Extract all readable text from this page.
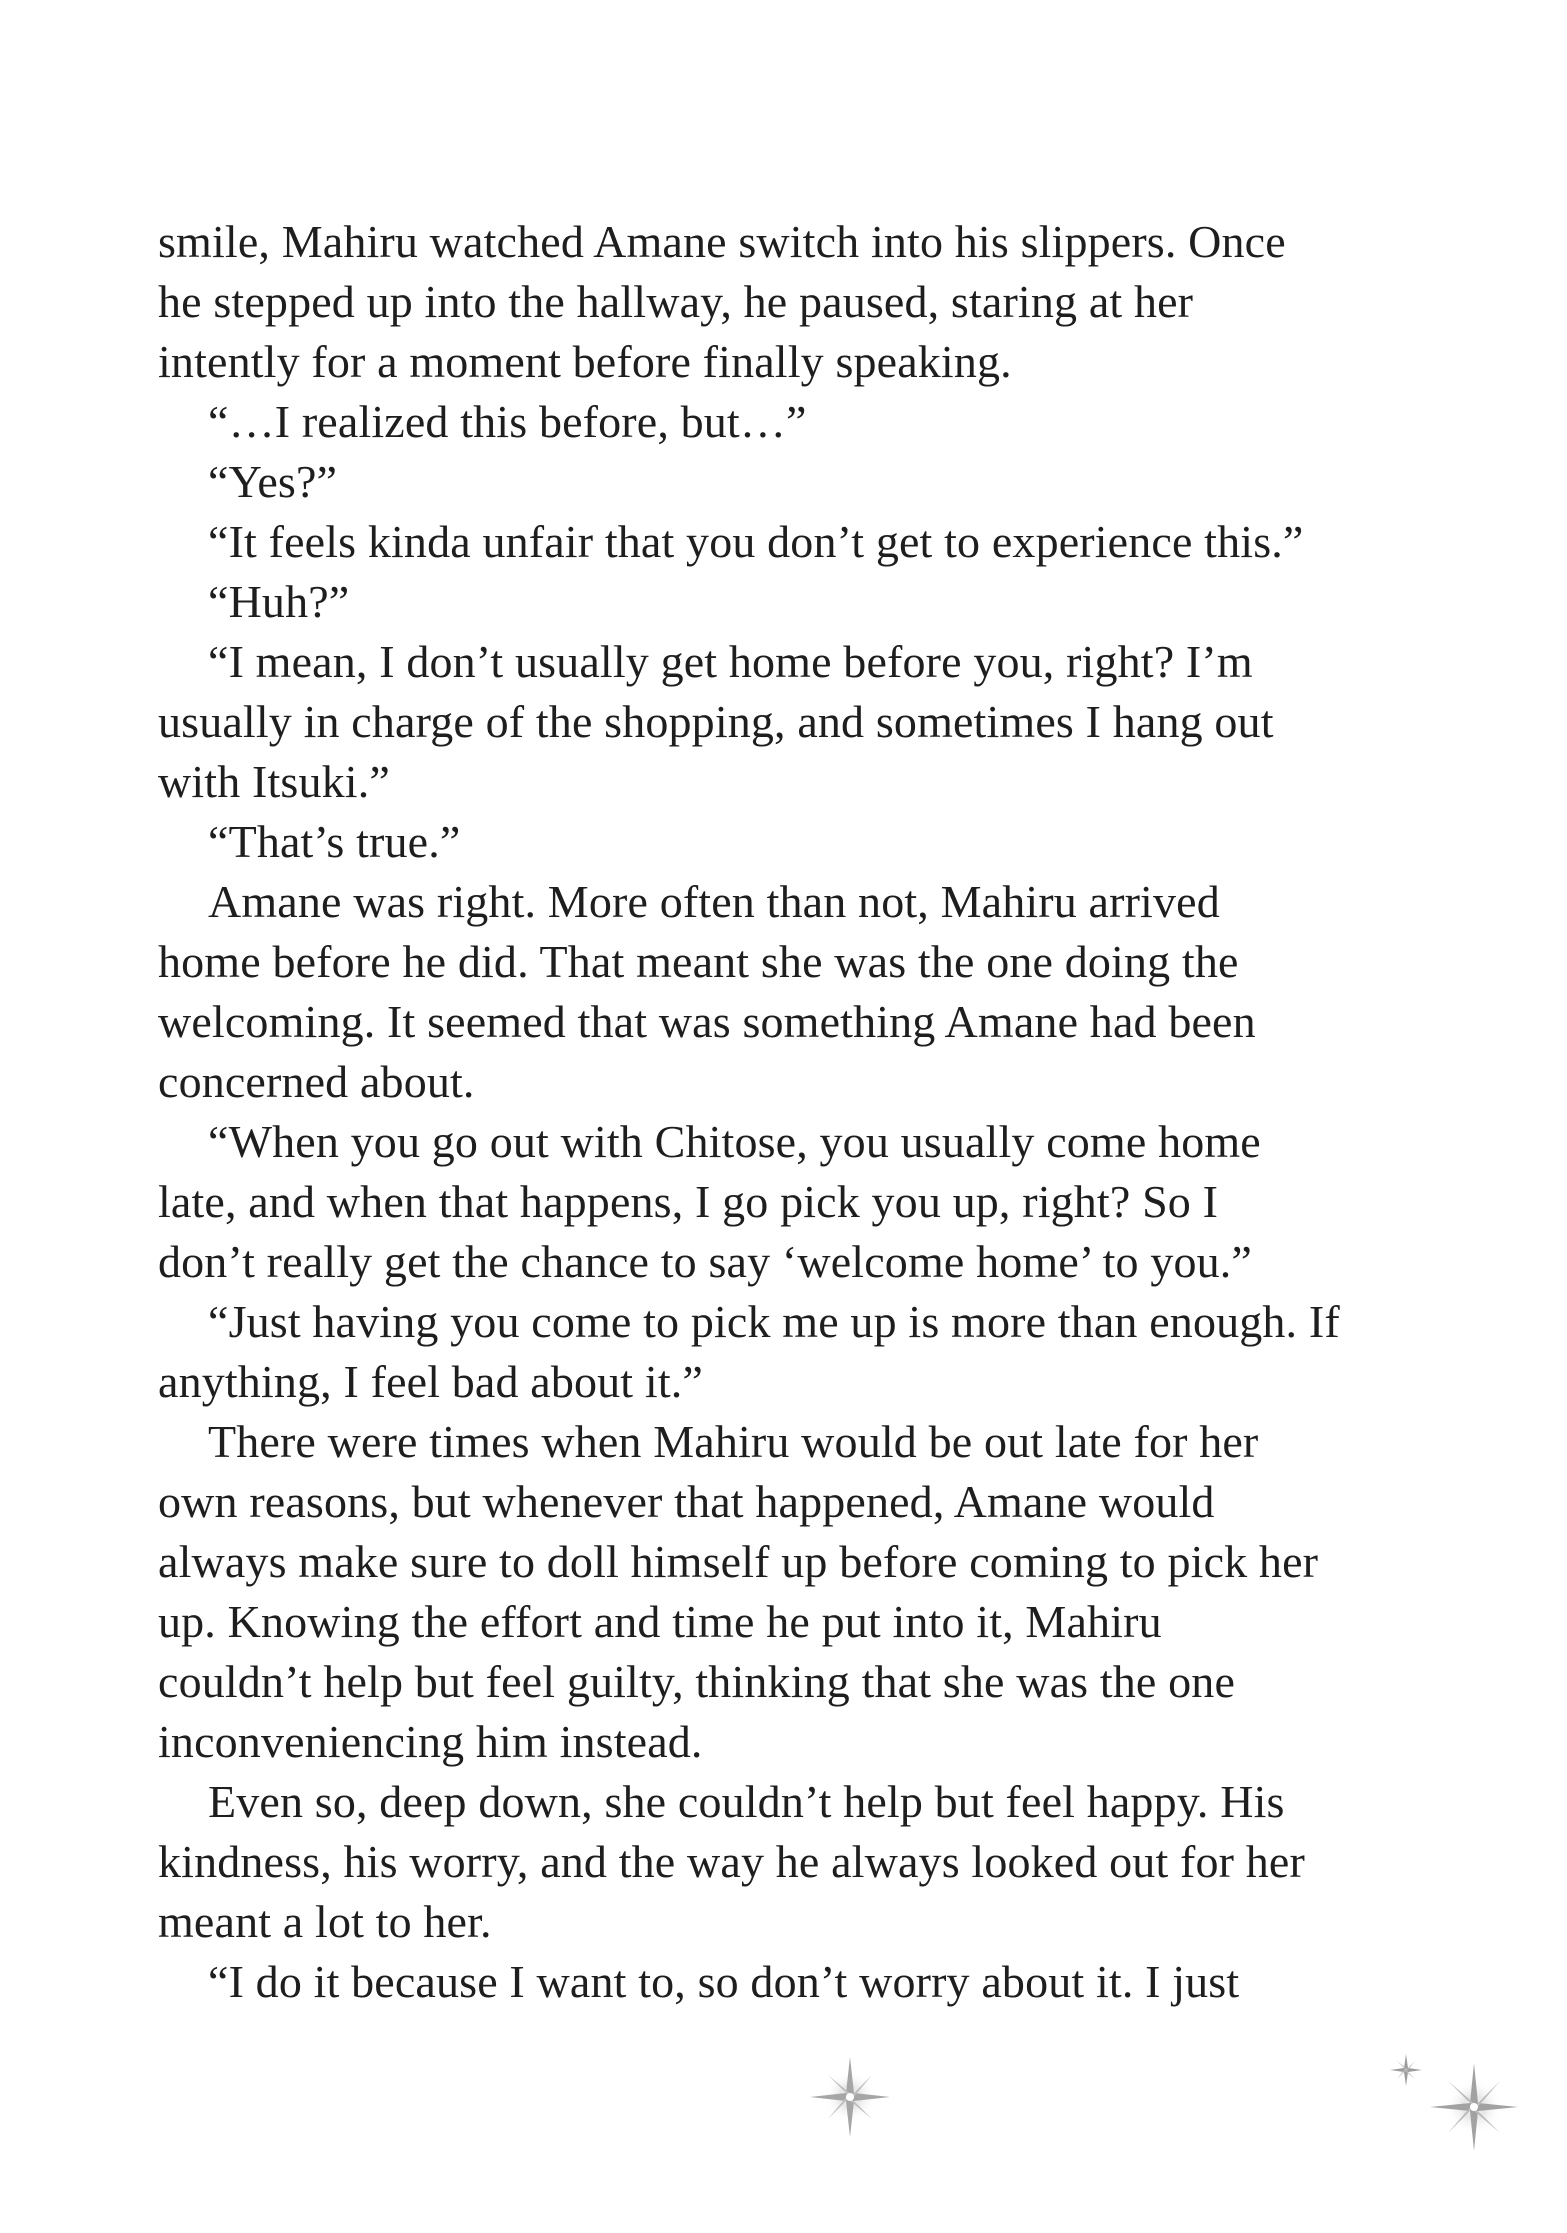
smile, Mahiru watched Amane switch into his slippers. Once
he stepped up into the hallway, he paused, staring at her
intently for a moment before finally speaking.
“…I realized this before, but…”
“Yes?”
“It feels kinda unfair that you don’t get to experience this.”
“Huh?”
“I mean, I don’t usually get home before you, right? I’m
usually in charge of the shopping, and sometimes I hang out
with Itsuki.”
“That’s true.”
Amane was right. More often than not, Mahiru arrived
home before he did. That meant she was the one doing the
welcoming. It seemed that was something Amane had been
concerned about.
“When you go out with Chitose, you usually come home
late, and when that happens, I go pick you up, right? So I
don’t really get the chance to say ‘welcome home’ to you.”
“Just having you come to pick me up is more than enough. If
anything, I feel bad about it.”
There were times when Mahiru would be out late for her
own reasons, but whenever that happened, Amane would
always make sure to doll himself up before coming to pick her
up. Knowing the effort and time he put into it, Mahiru
couldn’t help but feel guilty, thinking that she was the one
inconveniencing him instead.
Even so, deep down, she couldn’t help but feel happy. His
kindness, his worry, and the way he always looked out for her
meant a lot to her.
“I do it because I want to, so don’t worry about it. I just
